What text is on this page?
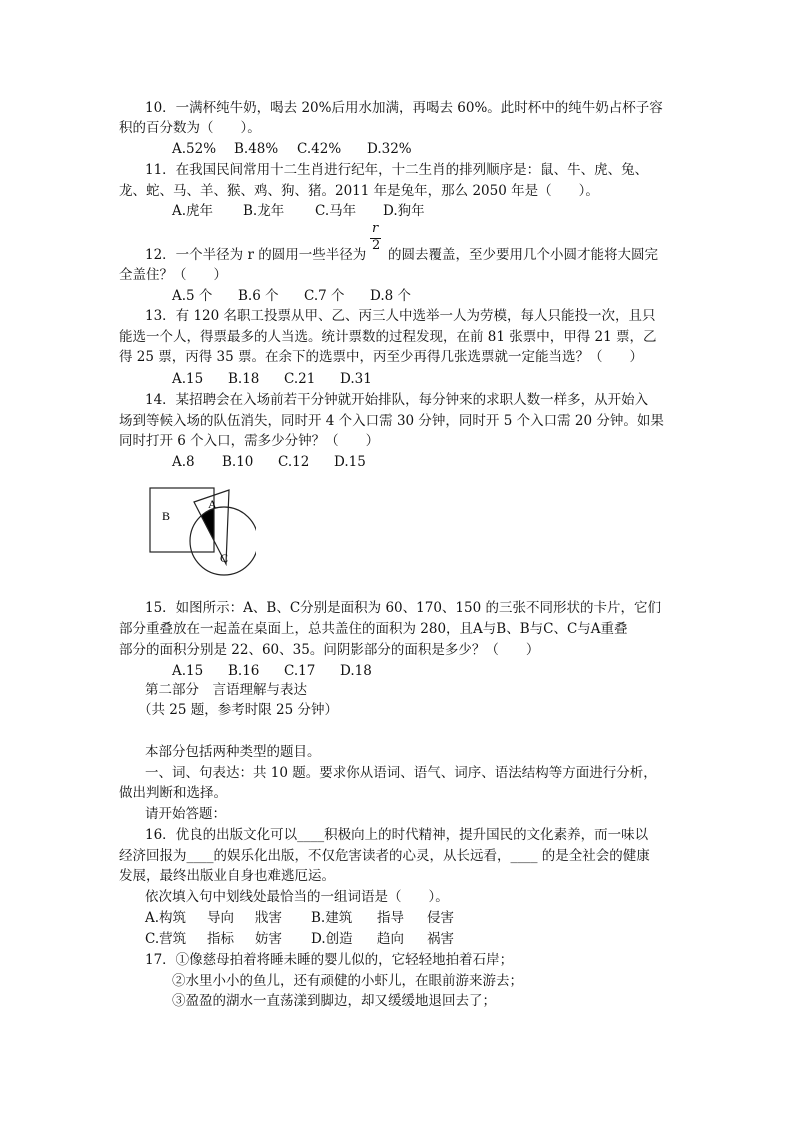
10．一满杯纯牛奶，喝去 20%后用水加满，再喝去 60%。此时杯中的纯牛奶占杯子容
积的百分数为（　　）。
A.52% B.48% C.42% D.32%
11．在我国民间常用十二生肖进行纪年，十二生肖的排列顺序是：鼠、牛、虎、兔、
龙、蛇、马、羊、猴、鸡、狗、猪。2011 年是兔年，那么 2050 年是（　　）。
A.虎年 B.龙年 C.马年 D.狗年
r
2
12．一个半径为 r 的圆用一些半径为 的圆去覆盖，至少要用几个小圆才能将大圆完
全盖住？（　　）
A.5 个 B.6 个 C.7 个 D.8 个
13．有 120 名职工投票从甲、乙、丙三人中选举一人为劳模，每人只能投一次，且只
能选一个人，得票最多的人当选。统计票数的过程发现，在前 81 张票中，甲得 21 票，乙
得 25 票，丙得 35 票。在余下的选票中，丙至少再得几张选票就一定能当选？（　　）
A.15 B.18 C.21 D.31
14．某招聘会在入场前若干分钟就开始排队，每分钟来的求职人数一样多，从开始入
场到等候入场的队伍消失，同时开 4 个入口需 30 分钟，同时开 5 个入口需 20 分钟。如果
同时打开 6 个入口，需多少分钟？（　　）
A.8 B.10 C.12 D.15
A
B
C
15．如图所示：A、B、C分别是面积为 60、170、150 的三张不同形状的卡片，它们
部分重叠放在一起盖在桌面上，总共盖住的面积为 280，且A与B、B与C、C与A重叠
部分的面积分别是 22、60、35。问阴影部分的面积是多少？（　　）
A.15 B.16 C.17 D.18
第二部分　言语理解与表达
（共 25 题，参考时限 25 分钟）
本部分包括两种类型的题目。
一、词、句表达：共 10 题。要求你从语词、语气、词序、语法结构等方面进行分析，
做出判断和选择。
请开始答题：
16．优良的出版文化可以____积极向上的时代精神，提升国民的文化素养，而一味以
经济回报为____的娱乐化出版，不仅危害读者的心灵，从长远看，____ 的是全社会的健康
发展，最终出版业自身也难逃厄运。
依次填入句中划线处最恰当的一组词语是（　　）。
A.构筑 导向 戕害 B.建筑 指导 侵害
C.营筑 指标 妨害 D.创造 趋向 祸害
17．①像慈母拍着将睡未睡的婴儿似的，它轻轻地拍着石岸；
②水里小小的鱼儿，还有顽健的小虾儿，在眼前游来游去；
③盈盈的湖水一直荡漾到脚边，却又缓缓地退回去了；
